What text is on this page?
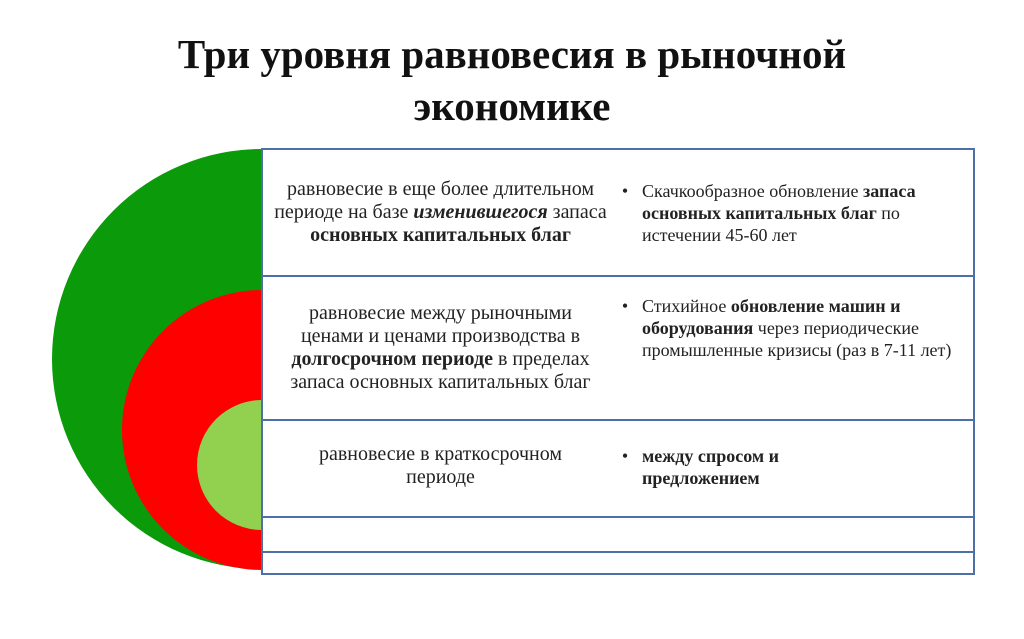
Три уровня равновесия в рыночной
экономике
равновесие в еще более длительном периоде на базе изменившегося запаса основных капитальных благ
• Скачкообразное обновление запаса основных капитальных благ по истечении 45-60 лет
равновесие между рыночными ценами и ценами производства в долгосрочном периоде в пределах запаса основных капитальных благ
• Стихийное обновление машин и оборудования через периодические промышленные кризисы (раз в 7-11 лет)
равновесие в краткосрочном периоде
• между спросом и предложением
